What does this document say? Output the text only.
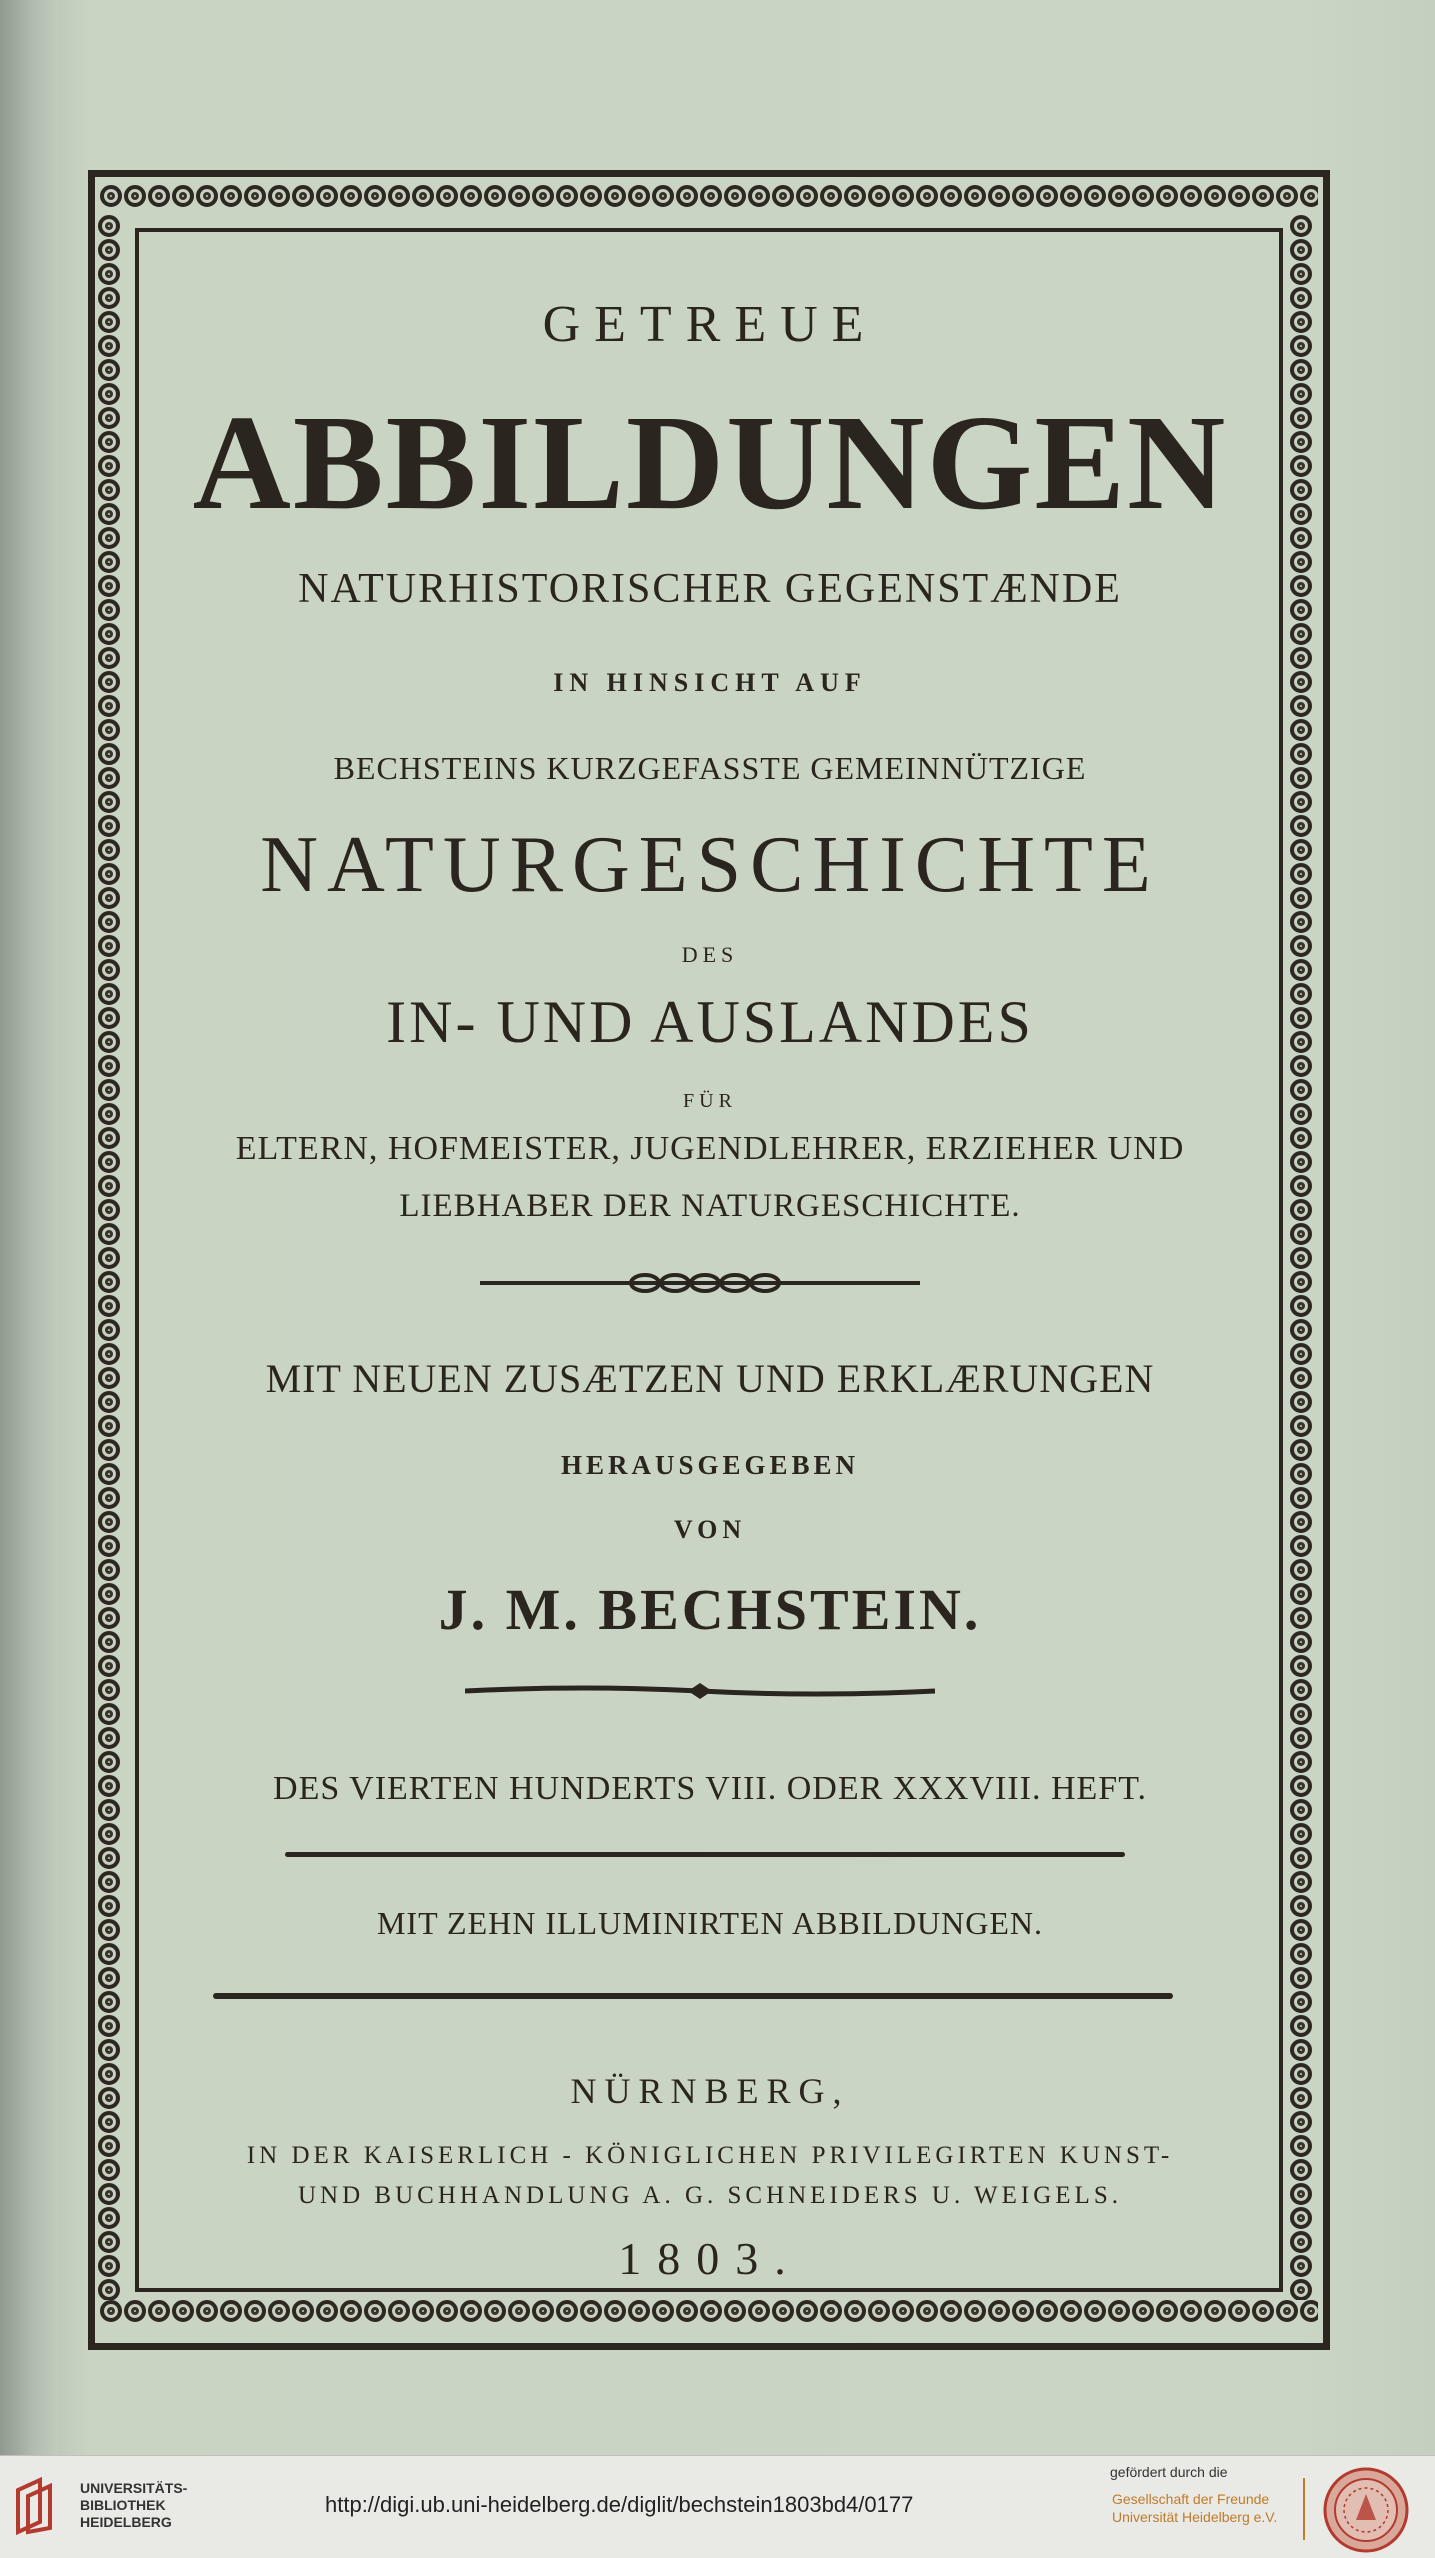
GETREUE
ABBILDUNGEN
NATURHISTORISCHER GEGENSTÆNDE
IN HINSICHT AUF
BECHSTEINS KURZGEFASSTE GEMEINNÜTZIGE
NATURGESCHICHTE
DES
IN- UND AUSLANDES
FÜR
ELTERN, HOFMEISTER, JUGENDLEHRER, ERZIEHER UND
LIEBHABER DER NATURGESCHICHTE.
MIT NEUEN ZUSÆTZEN UND ERKLÆRUNGEN
HERAUSGEGEBEN
VON
J. M. BECHSTEIN.
DES VIERTEN HUNDERTS VIII. ODER XXXVIII. HEFT.
MIT ZEHN ILLUMINIRTEN ABBILDUNGEN.
NÜRNBERG,
IN DER KAISERLICH - KÖNIGLICHEN PRIVILEGIRTEN KUNST-
UND BUCHHANDLUNG A. G. SCHNEIDERS U. WEIGELS.
1803.
UNIVERSITÄTS-
BIBLIOTHEK
HEIDELBERG
http://digi.ub.uni-heidelberg.de/diglit/bechstein1803bd4/0177
gefördert durch die
Gesellschaft der Freunde
Universität Heidelberg e.V.
